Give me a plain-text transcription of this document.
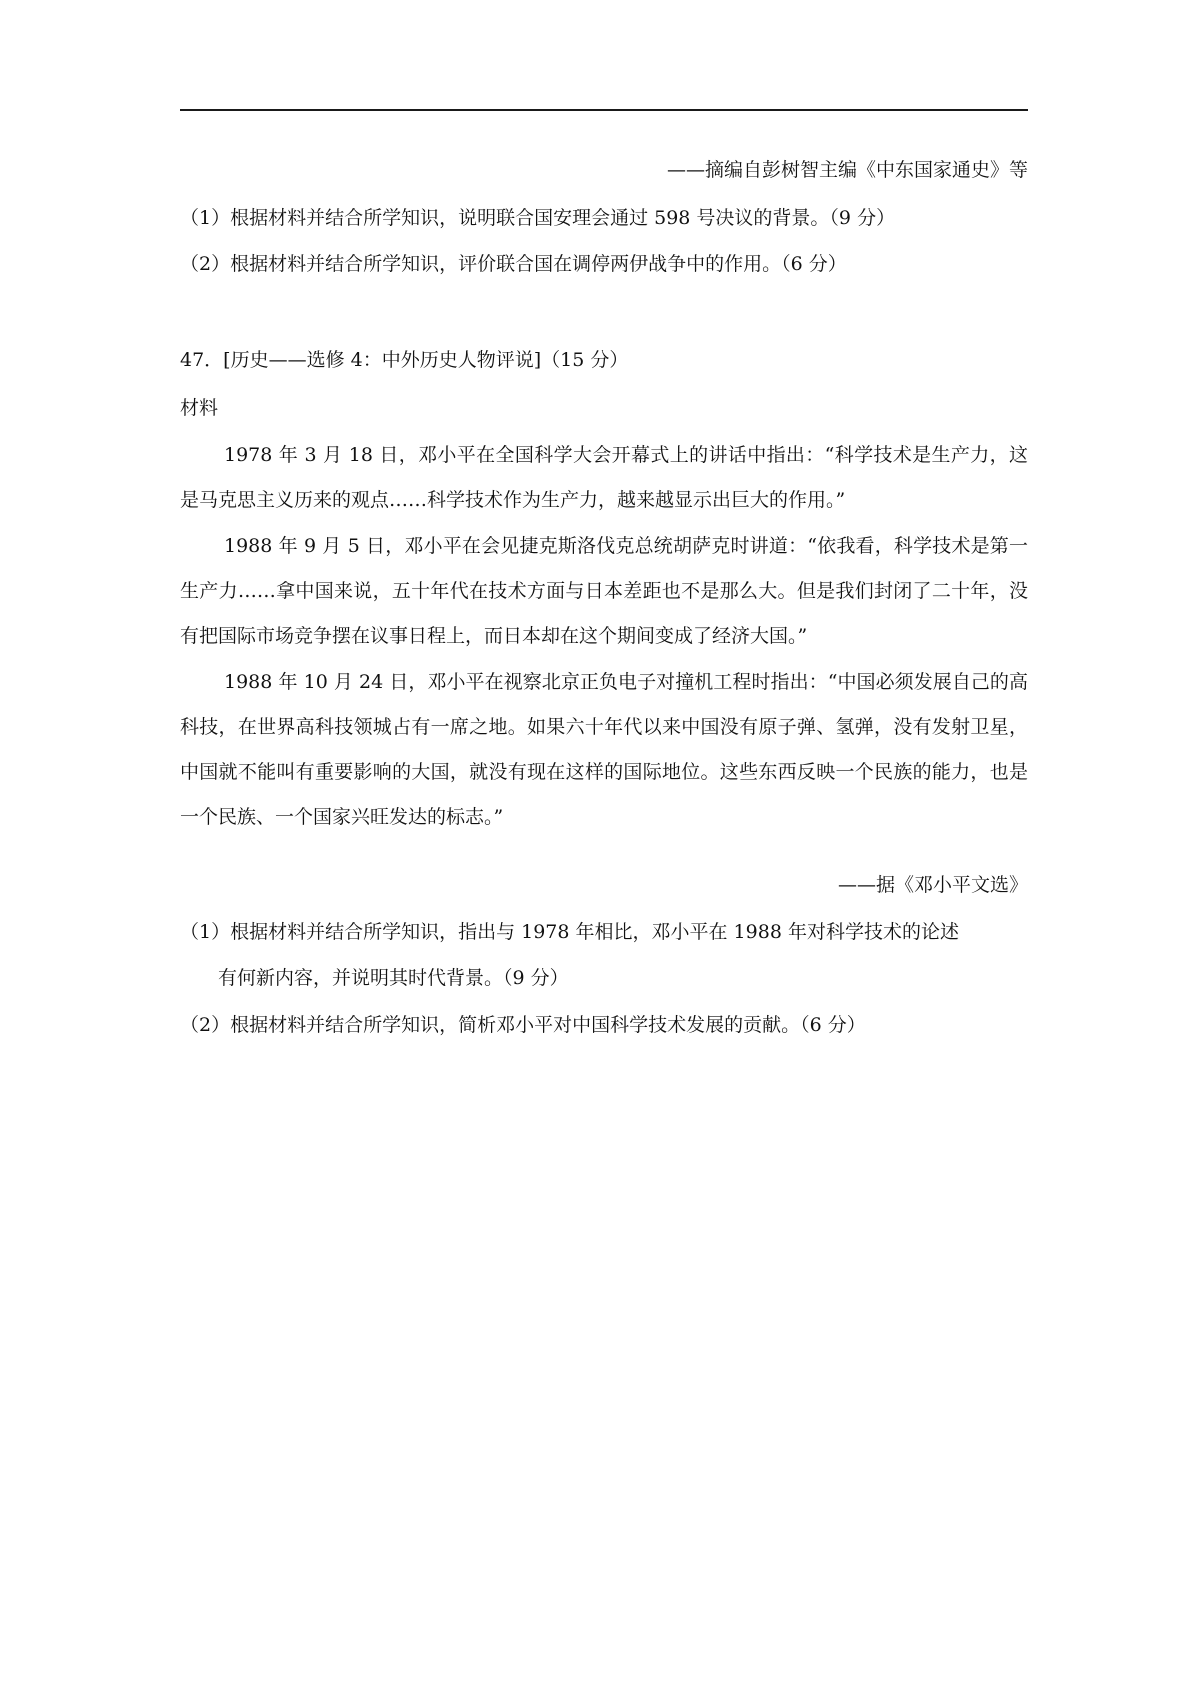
——摘编自彭树智主编《中东国家通史》等
（1）根据材料并结合所学知识，说明联合国安理会通过 598 号决议的背景。（9 分）
（2）根据材料并结合所学知识，评价联合国在调停两伊战争中的作用。（6 分）
47．[历史——选修 4：中外历史人物评说]（15 分）
材料
1978 年 3 月 18 日，邓小平在全国科学大会开幕式上的讲话中指出：“科学技术是生产力，这是马克思主义历来的观点……科学技术作为生产力，越来越显示出巨大的作用。”
1988 年 9 月 5 日，邓小平在会见捷克斯洛伐克总统胡萨克时讲道：“依我看，科学技术是第一生产力……拿中国来说，五十年代在技术方面与日本差距也不是那么大。但是我们封闭了二十年，没有把国际市场竞争摆在议事日程上，而日本却在这个期间变成了经济大国。”
1988 年 10 月 24 日，邓小平在视察北京正负电子对撞机工程时指出：“中国必须发展自己的高科技，在世界高科技领城占有一席之地。如果六十年代以来中国没有原子弹、氢弹，没有发射卫星，中国就不能叫有重要影响的大国，就没有现在这样的国际地位。这些东西反映一个民族的能力，也是一个民族、一个国家兴旺发达的标志。”
——据《邓小平文选》
（1）根据材料并结合所学知识，指出与 1978 年相比，邓小平在 1988 年对科学技术的论述
有何新内容，并说明其时代背景。（9 分）
（2）根据材料并结合所学知识，简析邓小平对中国科学技术发展的贡献。（6 分）
